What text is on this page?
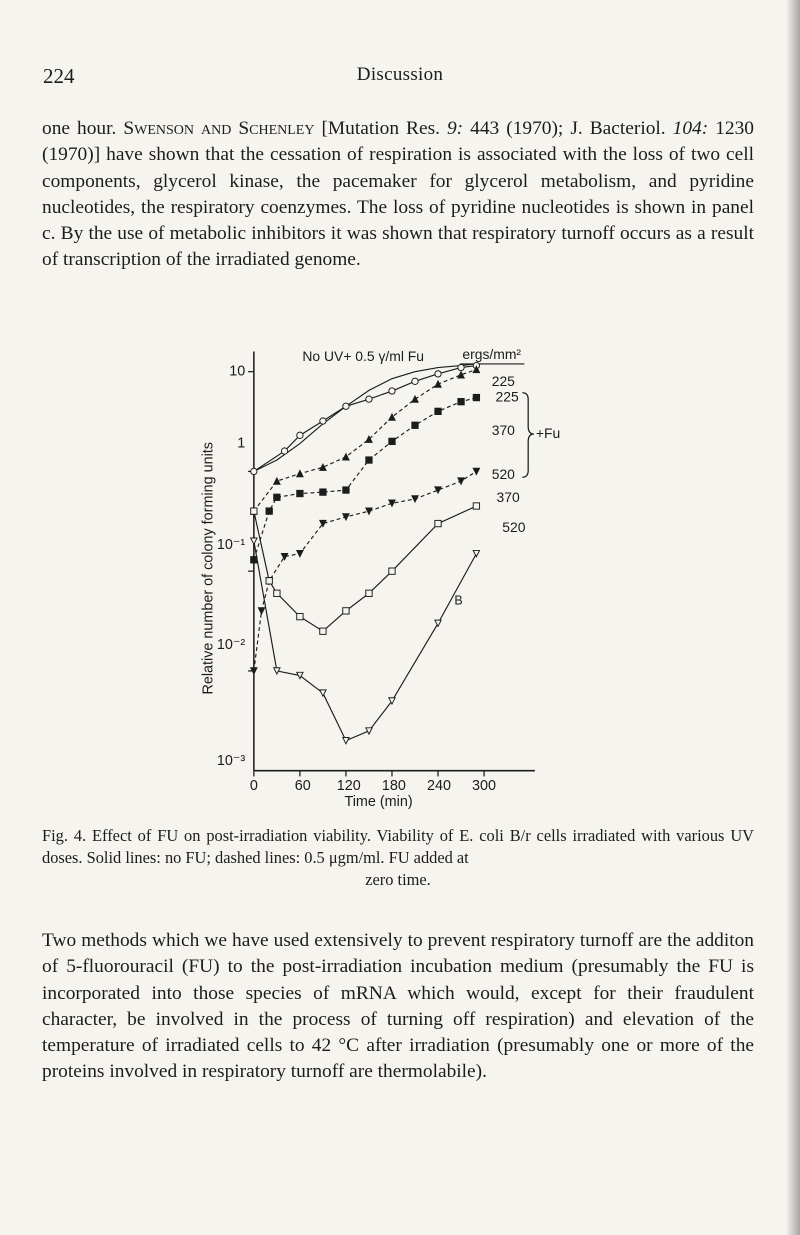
224	Discussion
one hour. Swenson and Schenley [Mutation Res. 9: 443 (1970); J. Bacteriol. 104: 1230 (1970)] have shown that the cessation of respiration is associated with the loss of two cell components, glycerol kinase, the pacemaker for glycerol metabolism, and pyridine nucleotides, the respiratory coenzymes. The loss of pyridine nucleotides is shown in panel c. By the use of metabolic inhibitors it was shown that respiratory turnoff occurs as a result of transcription of the irradiated genome.
10
1
10⁻¹
10⁻²
10⁻³
0 60 120 180 240 300
Time (min)
Relative number of colony forming units
No UV+ 0.5 γ/ml Fu	ergs/mm²
225
225
370
520
370
520
+Fu
B
Fig. 4. Effect of FU on post-irradiation viability. Viability of E. coli B/r cells irradiated with various UV doses. Solid lines: no FU; dashed lines: 0.5 μgm/ml. FU added at
zero time.
Two methods which we have used extensively to prevent respiratory turnoff are the additon of 5-fluorouracil (FU) to the post-irradiation incubation medium (presumably the FU is incorporated into those species of mRNA which would, except for their fraudulent character, be involved in the process of turning off respiration) and elevation of the temperature of irradiated cells to 42 °C after irradiation (presumably one or more of the proteins involved in respiratory turnoff are thermolabile).
